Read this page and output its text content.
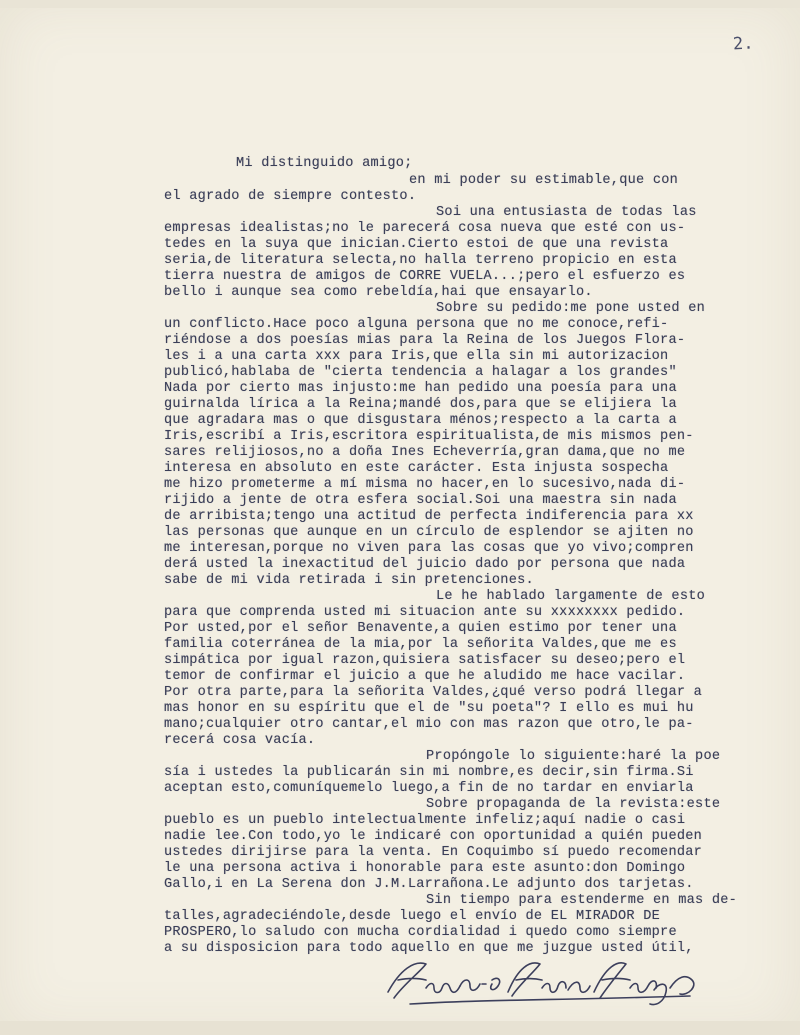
2.
Mi distinguido amigo;
en mi poder su estimable,que con
el agrado de siempre contesto.
Soi una entusiasta de todas las
empresas idealistas;no le parecerá cosa nueva que esté con us-
tedes en la suya que inician.Cierto estoi de que una revista
seria,de literatura selecta,no halla terreno propicio en esta
tierra nuestra de amigos de CORRE VUELA...;pero el esfuerzo es
bello i aunque sea como rebeldía,hai que ensayarlo.
Sobre su pedido:me pone usted en
un conflicto.Hace poco alguna persona que no me conoce,refi-
riéndose a dos poesías mias para la Reina de los Juegos Flora-
les i a una carta xxx para Iris,que ella sin mi autorizacion
publicó,hablaba de "cierta tendencia a halagar a los grandes"
Nada por cierto mas injusto:me han pedido una poesía para una
guirnalda lírica a la Reina;mandé dos,para que se elijiera la
que agradara mas o que disgustara ménos;respecto a la carta a
Iris,escribí a Iris,escritora espiritualista,de mis mismos pen-
sares relijiosos,no a doña Ines Echeverría,gran dama,que no me
interesa en absoluto en este carácter. Esta injusta sospecha
me hizo prometerme a mí misma no hacer,en lo sucesivo,nada di-
rijido a jente de otra esfera social.Soi una maestra sin nada
de arribista;tengo una actitud de perfecta indiferencia para xx
las personas que aunque en un círculo de esplendor se ajiten no
me interesan,porque no viven para las cosas que yo vivo;compren
derá usted la inexactitud del juicio dado por persona que nada
sabe de mi vida retirada i sin pretenciones.
Le he hablado largamente de esto
para que comprenda usted mi situacion ante su xxxxxxxx pedido.
Por usted,por el señor Benavente,a quien estimo por tener una
familia coterránea de la mia,por la señorita Valdes,que me es
simpática por igual razon,quisiera satisfacer su deseo;pero el
temor de confirmar el juicio a que he aludido me hace vacilar.
Por otra parte,para la señorita Valdes,¿qué verso podrá llegar a
mas honor en su espíritu que el de "su poeta"? I ello es mui hu
mano;cualquier otro cantar,el mio con mas razon que otro,le pa-
recerá cosa vacía.
Propóngole lo siguiente:haré la poe
sía i ustedes la publicarán sin mi nombre,es decir,sin firma.Si
aceptan esto,comuníquemelo luego,a fin de no tardar en enviarla
Sobre propaganda de la revista:este
pueblo es un pueblo intelectualmente infeliz;aquí nadie o casi
nadie lee.Con todo,yo le indicaré con oportunidad a quién pueden
ustedes dirijirse para la venta. En Coquimbo sí puedo recomendar
le una persona activa i honorable para este asunto:don Domingo
Gallo,i en La Serena don J.M.Larrañona.Le adjunto dos tarjetas.
Sin tiempo para estenderme en mas de-
talles,agradeciéndole,desde luego el envío de EL MIRADOR DE
PROSPERO,lo saludo con mucha cordialidad i quedo como siempre
a su disposicion para todo aquello en que me juzgue usted útil,
